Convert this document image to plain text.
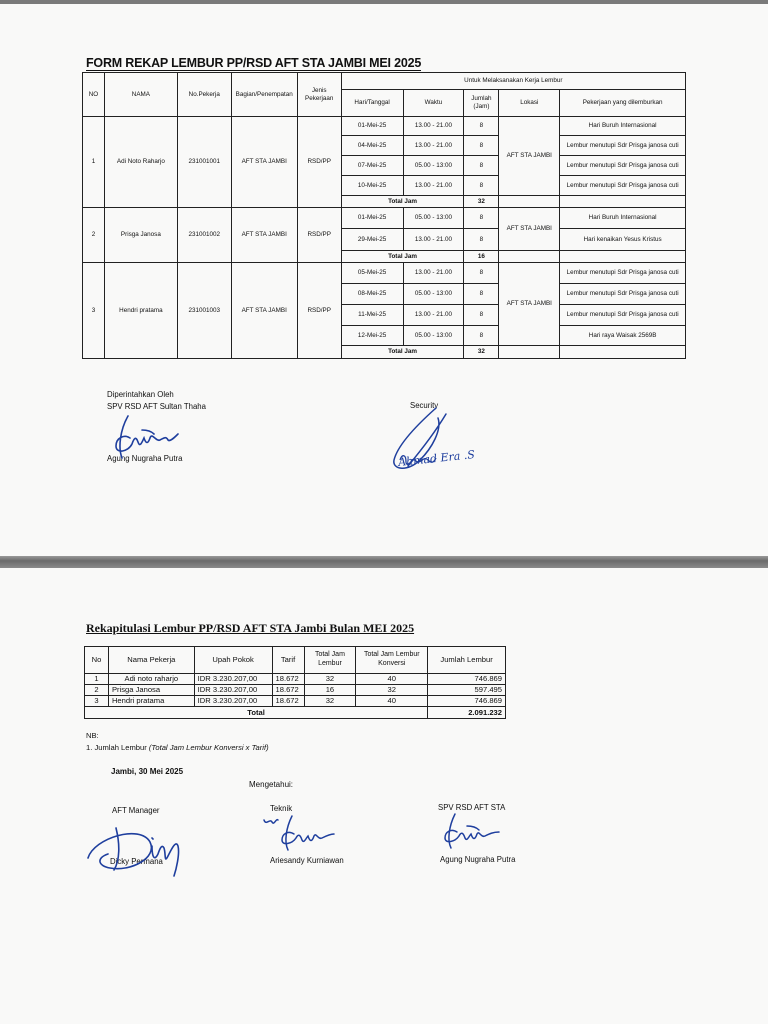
FORM REKAP LEMBUR PP/RSD AFT STA JAMBI MEI 2025
NO	NAMA	No.Pekerja	Bagian/Penempatan	Jenis Pekerjaan	Untuk Melaksanakan Kerja Lembur				
					Hari/Tanggal	Waktu	Jumlah (Jam)	Lokasi	Pekerjaan yang dilemburkan
1	Adi Noto Raharjo	231001001	AFT STA JAMBI	RSD/PP	01-Mei-25	13.00 - 21.00	8	AFT STA JAMBI	Hari Buruh Internasional
					04-Mei-25	13.00 - 21.00	8		Lembur menutupi Sdr Prisga janosa cuti
					07-Mei-25	05.00 - 13:00	8		Lembur menutupi Sdr Prisga janosa cuti
					10-Mei-25	13.00 - 21.00	8		Lembur menutupi Sdr Prisga janosa cuti
					Total Jam		32		
2	Prisga Janosa	231001002	AFT STA JAMBI	RSD/PP	01-Mei-25	05.00 - 13:00	8	AFT STA JAMBI	Hari Buruh Internasional
					29-Mei-25	13.00 - 21.00	8		Hari kenaikan Yesus Kristus
					Total Jam		16		
3	Hendri pratama	231001003	AFT STA JAMBI	RSD/PP	05-Mei-25	13.00 - 21.00	8	AFT STA JAMBI	Lembur menutupi Sdr Prisga janosa cuti
					08-Mei-25	05.00 - 13:00	8		Lembur menutupi Sdr Prisga janosa cuti
					11-Mei-25	13.00 - 21.00	8		Lembur menutupi Sdr Prisga janosa cuti
					12-Mei-25	05.00 - 13:00	8		Hari raya Waisak 2569B
					Total Jam		32		
Diperintahkan Oleh
SPV RSD AFT Sultan Thaha
Agung Nugraha Putra
Security
Ahmad Era .S
Rekapitulasi Lembur PP/RSD AFT STA Jambi Bulan MEI 2025
No	Nama Pekerja	Upah Pokok	Tarif	Total Jam Lembur	Total Jam Lembur Konversi	Jumlah Lembur
1	Adi noto raharjo	IDR 3.230.207,00	18.672	32	40	746.869
2	Prisga Janosa	IDR 3.230.207,00	18.672	16	32	597.495
3	Hendri pratama	IDR 3.230.207,00	18.672	32	40	746.869
Total						2.091.232
NB:
1. Jumlah Lembur (Total Jam Lembur Konversi x Tarif)
Jambi, 30 Mei 2025
Mengetahui:
AFT Manager	Teknik	SPV RSD AFT STA
Dicky Permana	Ariesandy Kurniawan	Agung Nugraha Putra
